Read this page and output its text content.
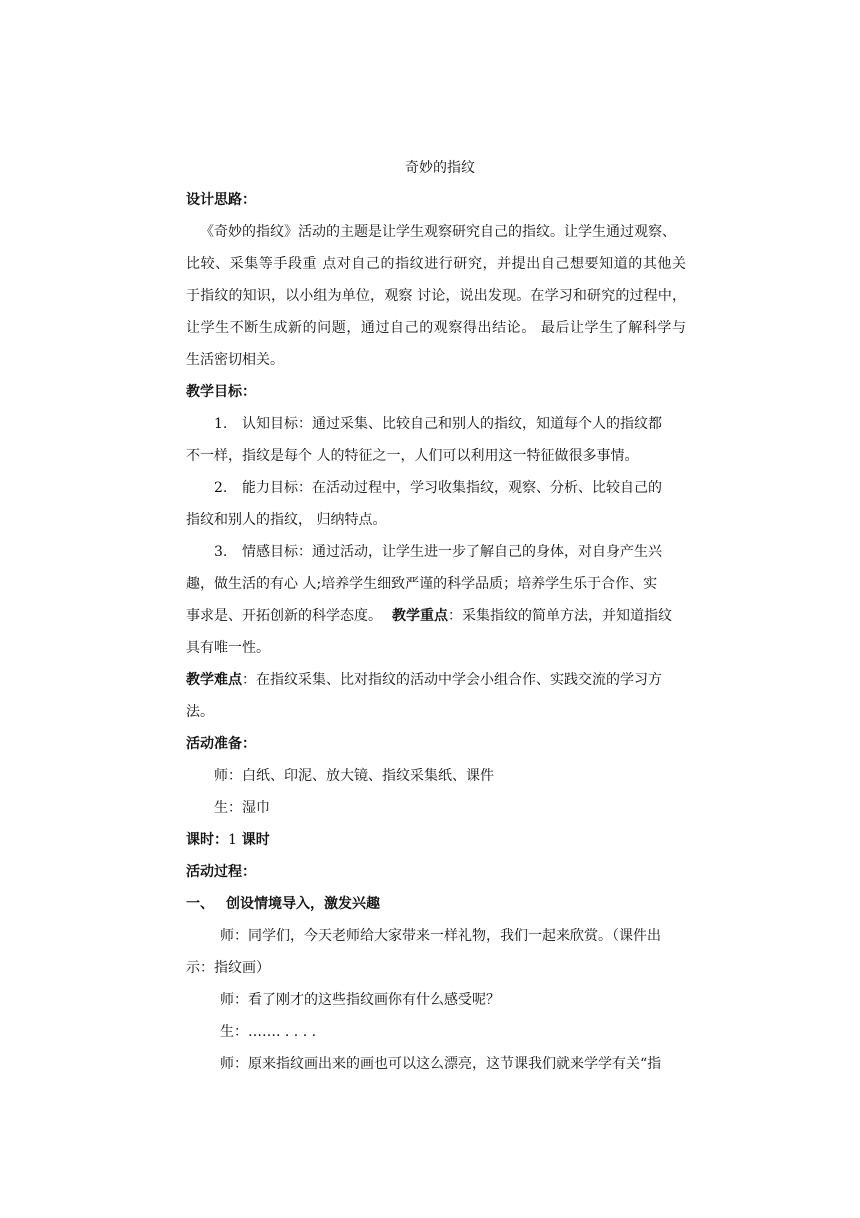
奇妙的指纹
设计思路：
《奇妙的指纹》活动的主题是让学生观察研究自己的指纹。让学生通过观察、
比较、采集等手段重 点对自己的指纹进行研究，并提出自己想要知道的其他关
于指纹的知识，以小组为单位，观察 讨论，说出发现。在学习和研究的过程中，
让学生不断生成新的问题，通过自己的观察得出结论。 最后让学生了解科学与
生活密切相关。
教学目标：
1. 认知目标：通过采集、比较自己和别人的指纹，知道每个人的指纹都
不一样，指纹是每个 人的特征之一，人们可以利用这一特征做很多事情。
2. 能力目标：在活动过程中，学习收集指纹，观察、分析、比较自己的
指纹和别人的指纹， 归纳特点。
3. 情感目标：通过活动，让学生进一步了解自己的身体，对自身产生兴
趣，做生活的有心 人;培养学生细致严谨的科学品质；培养学生乐于合作、实
事求是、开拓创新的科学态度。 教学重点：采集指纹的简单方法，并知道指纹
具有唯一性。
教学难点：在指纹采集、比对指纹的活动中学会小组合作、实践交流的学习方
法。
活动准备：
师：白纸、印泥、放大镜、指纹采集纸、课件
生：湿巾
课时：1 课时
活动过程：
一、 创设情境导入，激发兴趣
师：同学们，今天老师给大家带来一样礼物，我们一起来欣赏。（课件出
示：指纹画）
师：看了刚才的这些指纹画你有什么感受呢？
生：……. . . . .
师：原来指纹画出来的画也可以这么漂亮，这节课我们就来学学有关“指
